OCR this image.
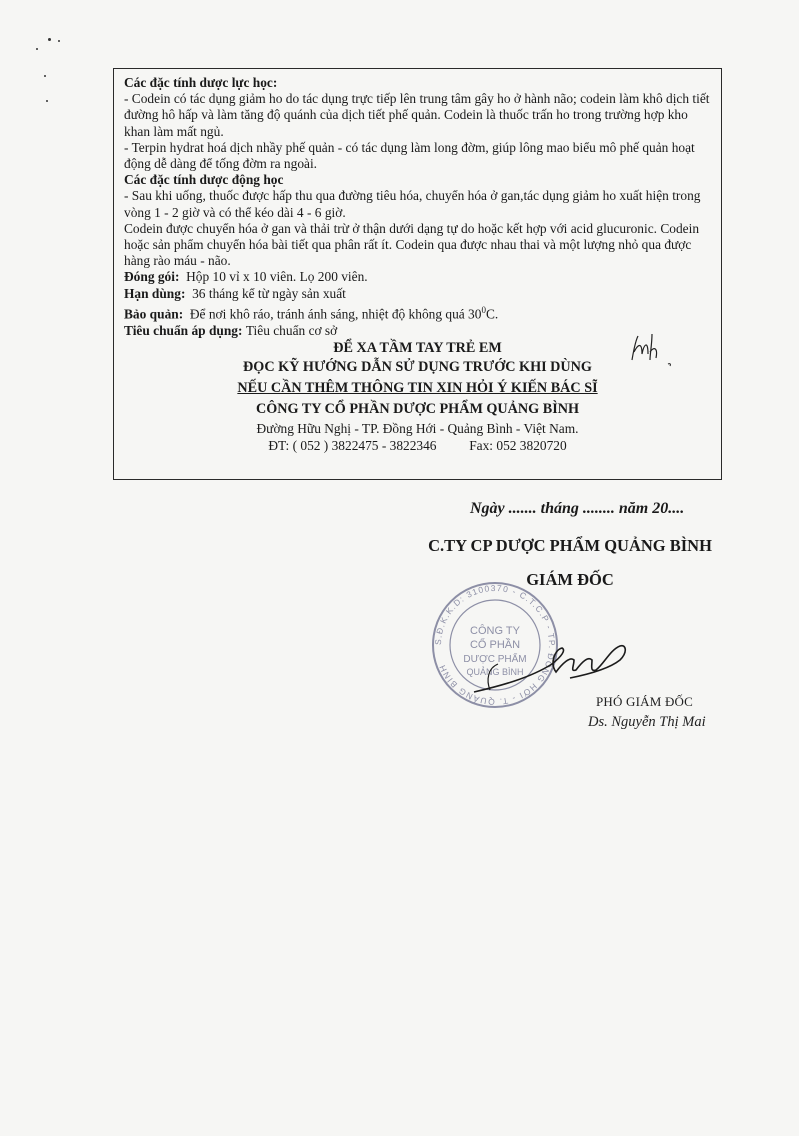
Các đặc tính dược lực học:

- Codein có tác dụng giảm ho do tác dụng trực tiếp lên trung tâm gây ho ở hành não; codein làm khô dịch tiết đường hô hấp và làm tăng độ quánh của dịch tiết phế quản. Codein là thuốc trấn ho trong trường hợp kho khan làm mất ngủ.

- Terpin hydrat hoá dịch nhầy phế quản - có tác dụng làm long đờm, giúp lông mao biểu mô phế quản hoạt động dễ dàng để tống đờm ra ngoài.

Các đặc tính dược động học

- Sau khi uống, thuốc được hấp thu qua đường tiêu hóa, chuyển hóa ở gan,tác dụng giảm ho xuất hiện trong vòng 1 - 2 giờ và có thể kéo dài 4 - 6 giờ.

Codein được chuyển hóa ở gan và thải trừ ở thận dưới dạng tự do hoặc kết hợp với acid glucuronic. Codein hoặc sản phẩm chuyển hóa bài tiết qua phân rất ít. Codein qua được nhau thai và một lượng nhỏ qua được hàng rào máu - não.

Đóng gói: Hộp 10 vỉ x 10 viên. Lọ 200 viên.

Hạn dùng: 36 tháng kể từ ngày sản xuất

Bảo quản: Để nơi khô ráo, tránh ánh sáng, nhiệt độ không quá $30^0C$.

Tiêu chuẩn áp dụng: Tiêu chuẩn cơ sở

ĐỂ XA TẦM TAY TRẺ EM
ĐỌC KỸ HƯỚNG DẪN SỬ DỤNG TRƯỚC KHI DÙNG
NẾU CẦN THÊM THÔNG TIN XIN HỎI Ý KIẾN BÁC SĨ
CÔNG TY CỔ PHẦN DƯỢC PHẨM QUẢNG BÌNH
Đường Hữu Nghị - TP. Đồng Hới - Quảng Bình - Việt Nam.
ĐT: ( 052 ) 3822475 - 3822346 Fax: 052 3820720
Ngày ....... tháng ........ năm 20....
C.TY CP DƯỢC PHẨM QUẢNG BÌNH
S.Đ.K.K.D: 3100370 - C.T.C.P - TP. ĐỒNG HỚI - T. QUẢNG BÌNH
CÔNG TY
CỔ PHẦN
DƯỢC PHẨM
QUẢNG BÌNH
GIÁM ĐỐC
PHÓ GIÁM ĐỐC
Ds. Nguyễn Thị Mai
